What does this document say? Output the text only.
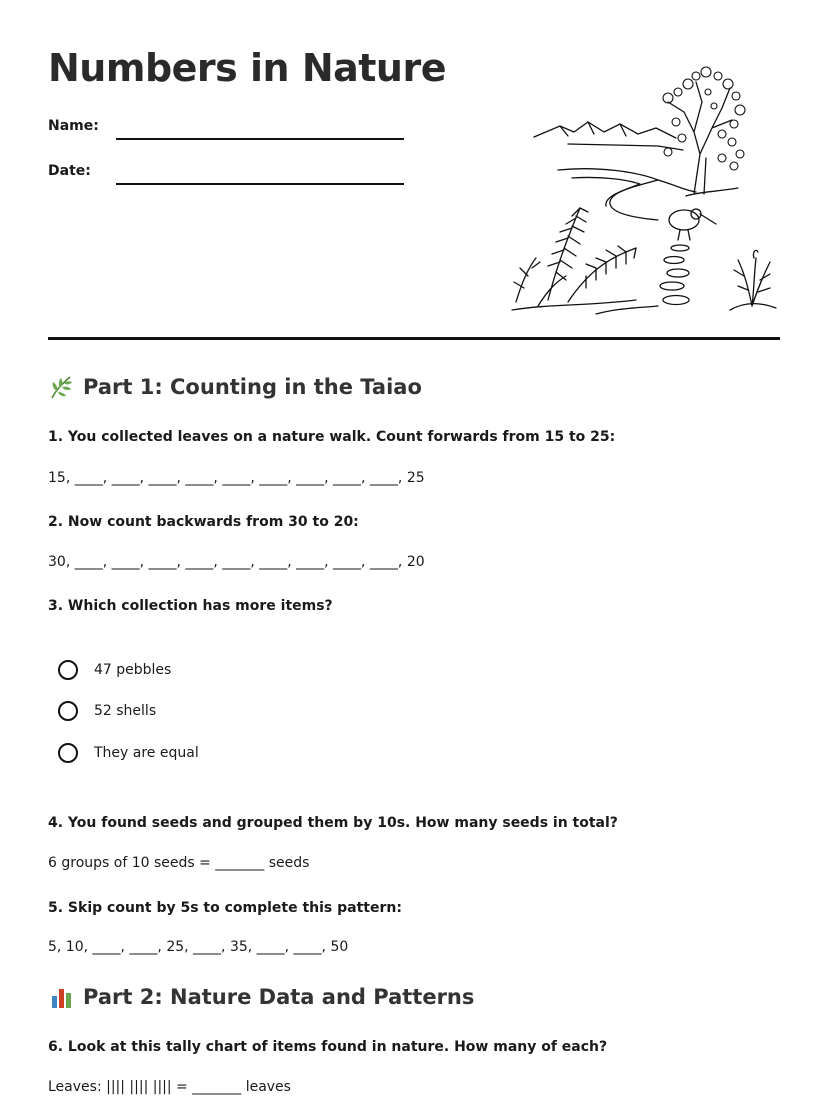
Numbers in Nature
Name:
Date:
Part 1: Counting in the Taiao
1. You collected leaves on a nature walk. Count forwards from 15 to 25:
15, ____, ____, ____, ____, ____, ____, ____, ____, ____, 25
2. Now count backwards from 30 to 20:
30, ____, ____, ____, ____, ____, ____, ____, ____, ____, 20
3. Which collection has more items?
47 pebbles
52 shells
They are equal
4. You found seeds and grouped them by 10s. How many seeds in total?
6 groups of 10 seeds = _______ seeds
5. Skip count by 5s to complete this pattern:
5, 10, ____, ____, 25, ____, 35, ____, ____, 50
Part 2: Nature Data and Patterns
6. Look at this tally chart of items found in nature. How many of each?
Leaves: |||| |||| |||| = _______ leaves
